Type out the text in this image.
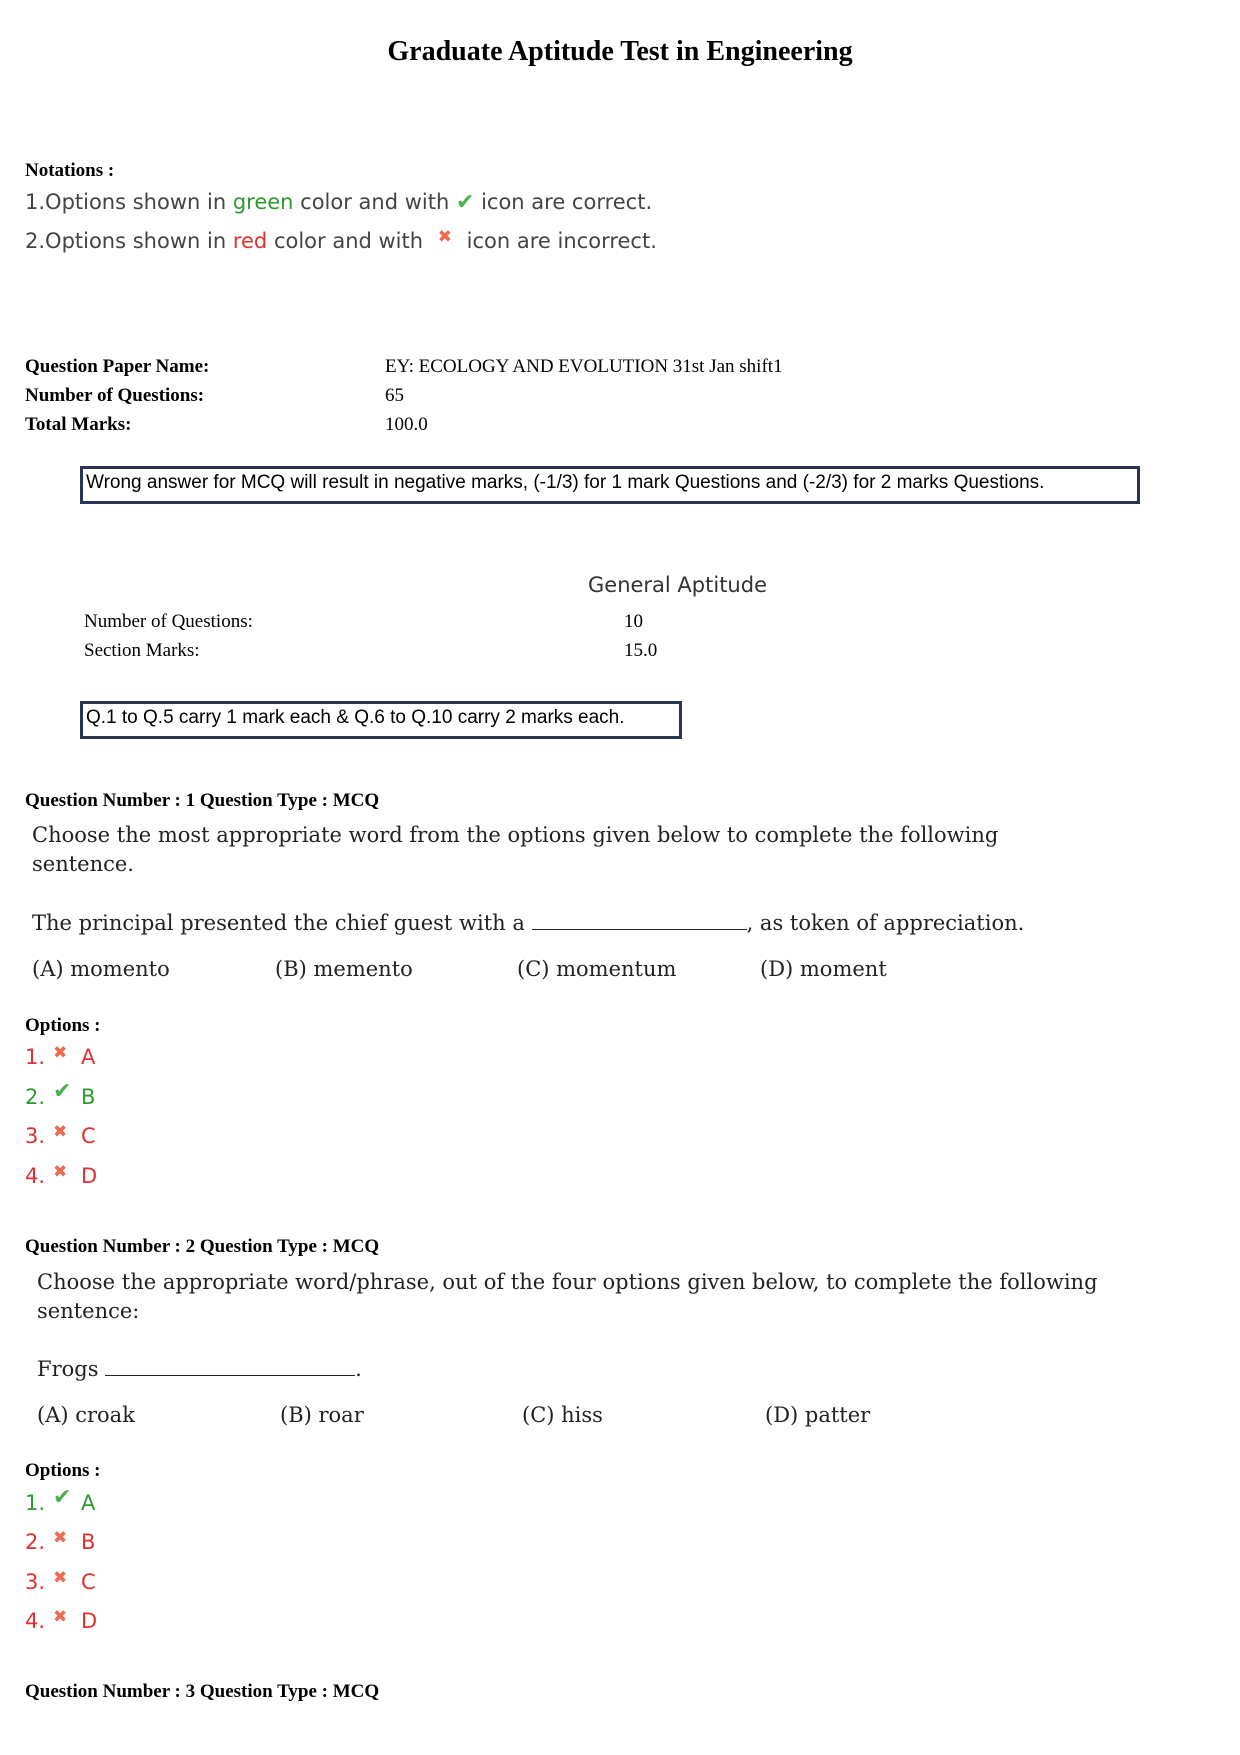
Graduate Aptitude Test in Engineering
Notations :
1.Options shown in green color and with ✔ icon are correct.
2.Options shown in red color and with ✖ icon are incorrect.
Question Paper Name:	EY: ECOLOGY AND EVOLUTION 31st Jan shift1
Number of Questions:	65
Total Marks:	100.0
Wrong answer for MCQ will result in negative marks, (-1/3) for 1 mark Questions and (-2/3) for 2 marks Questions.
General Aptitude
Number of Questions:	10
Section Marks:	15.0
Q.1 to Q.5 carry 1 mark each & Q.6 to Q.10 carry 2 marks each.
Question Number : 1 Question Type : MCQ
Choose the most appropriate word from the options given below to complete the following
sentence.
The principal presented the chief guest with a	, as token of appreciation.
(A) momento	(B) memento	(C) momentum	(D) moment
Options :
1. ✖ A
2. ✔ B
3. ✖ C
4. ✖ D
Question Number : 2 Question Type : MCQ
Choose the appropriate word/phrase, out of the four options given below, to complete the following
sentence:
Frogs	.
(A) croak	(B) roar	(C) hiss	(D) patter
Options :
1. ✔ A
2. ✖ B
3. ✖ C
4. ✖ D
Question Number : 3 Question Type : MCQ
